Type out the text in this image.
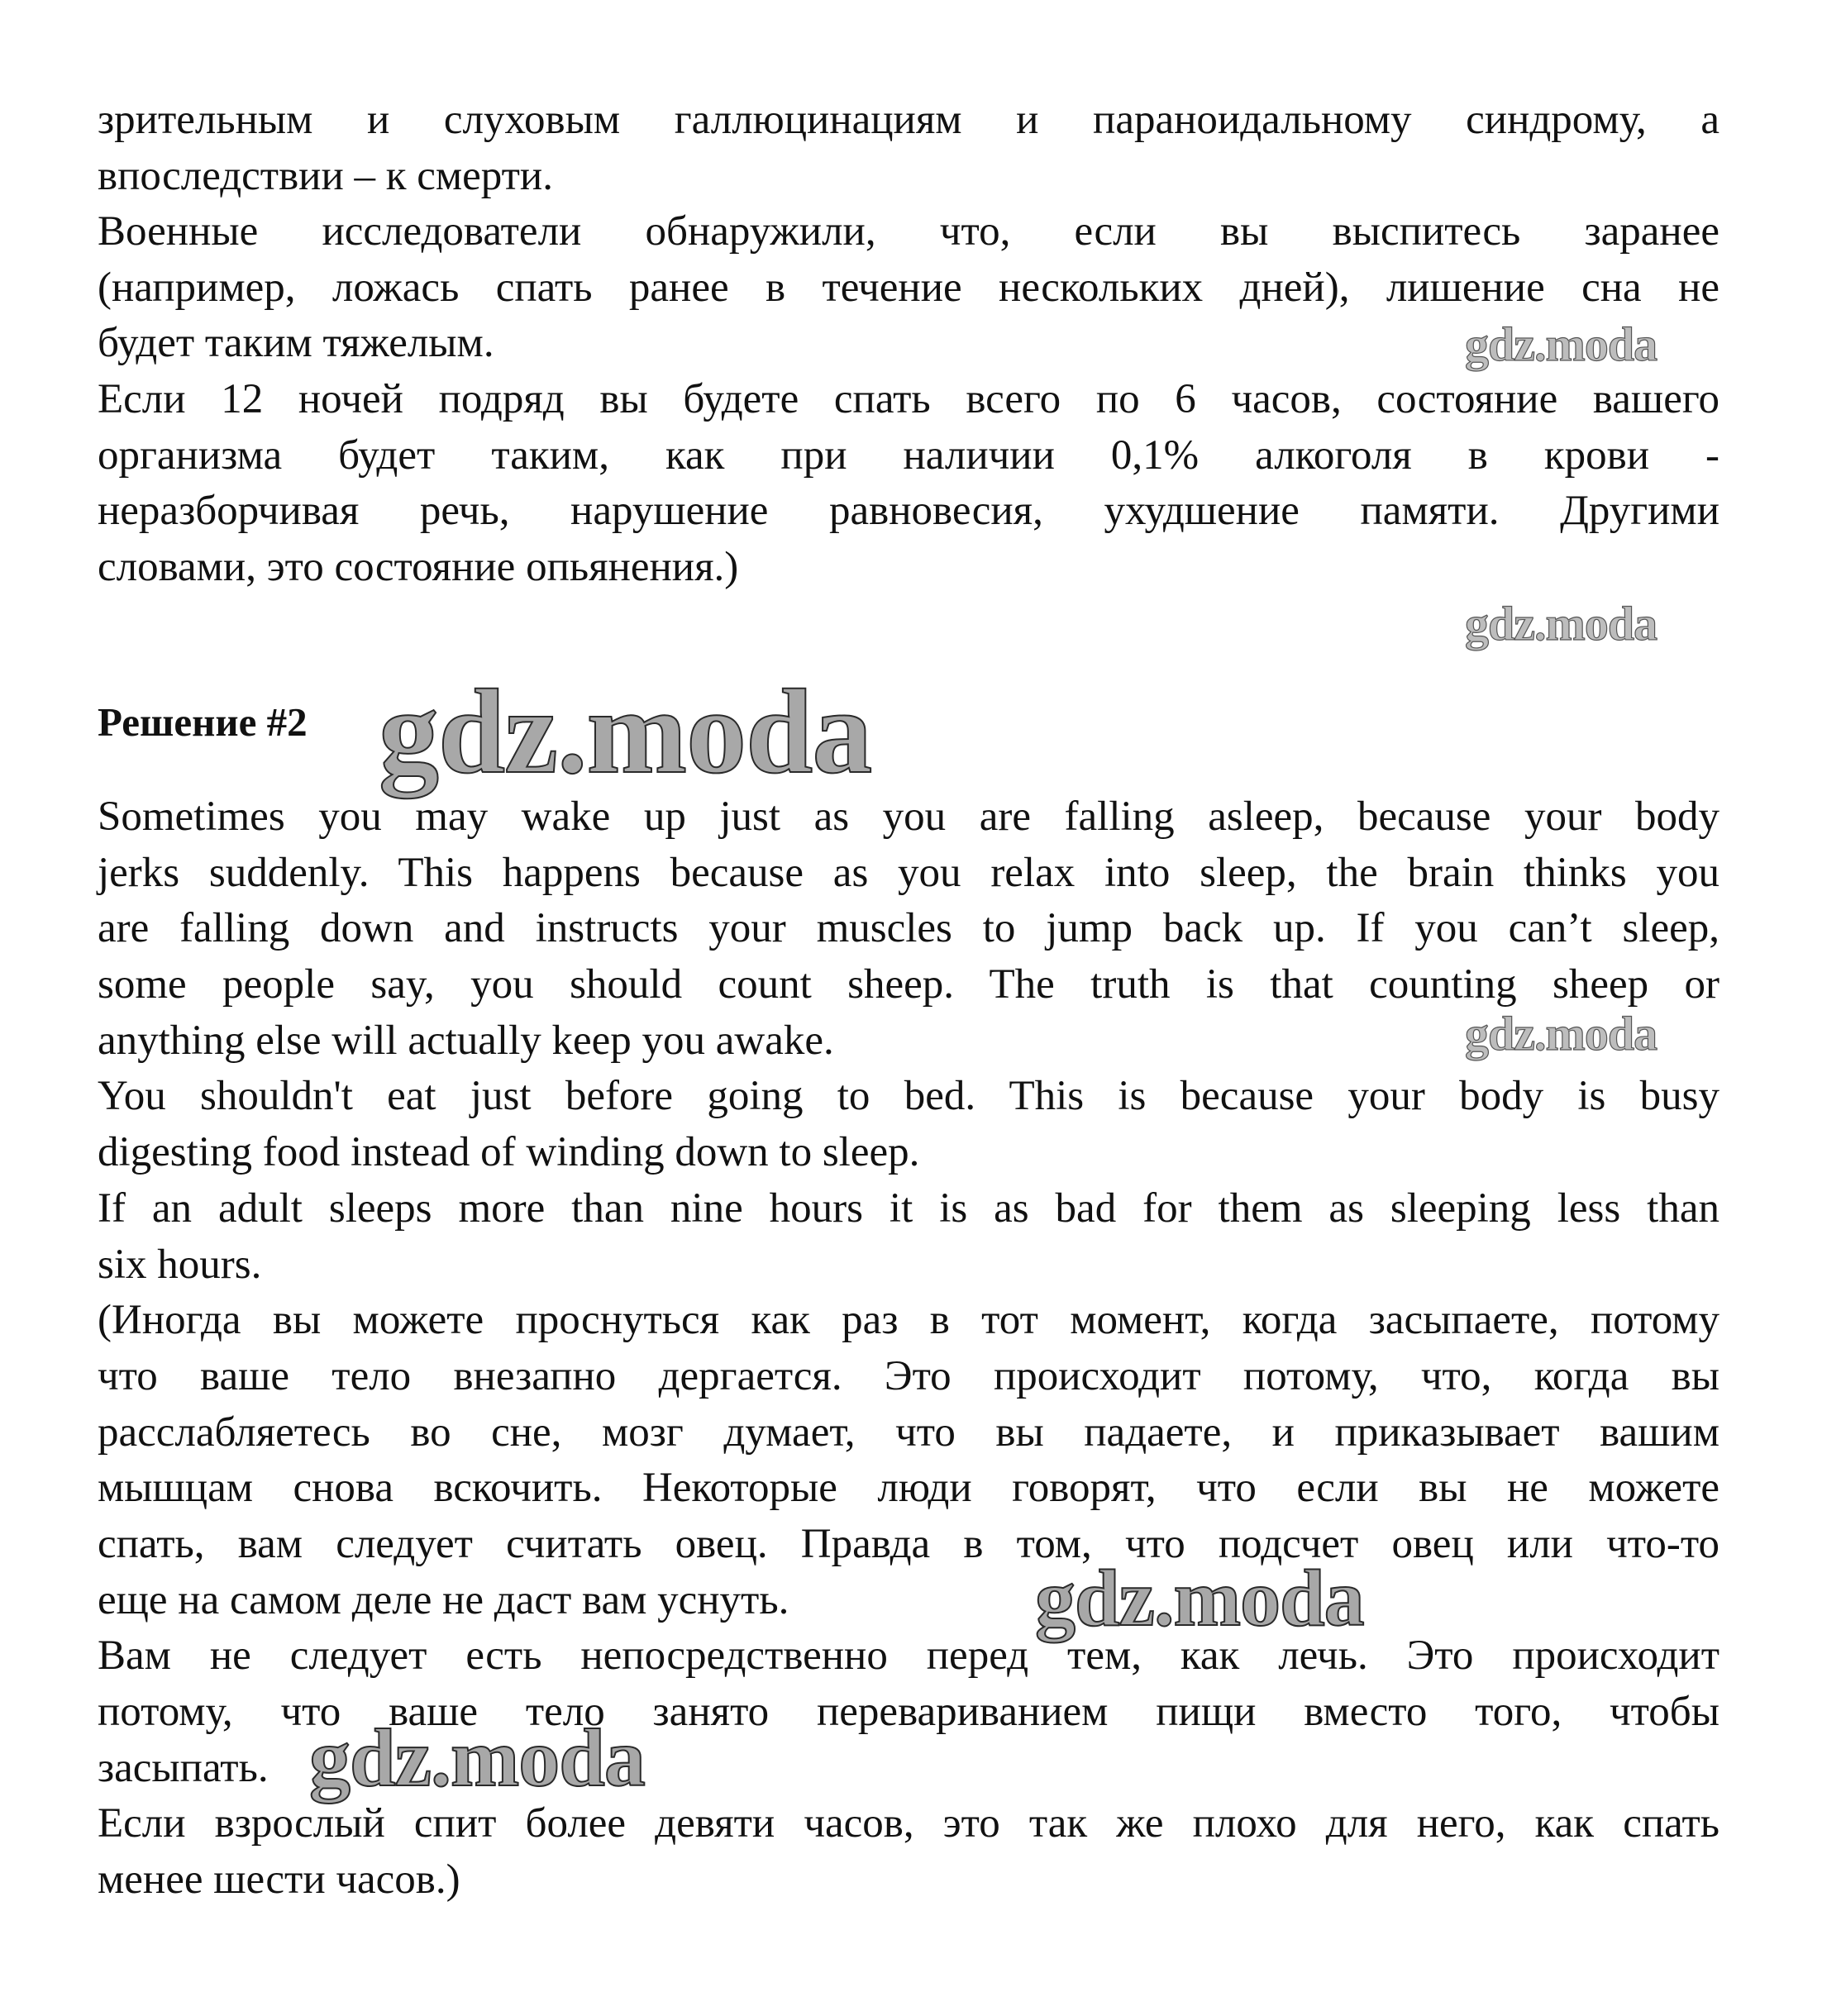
зрительным и слуховым галлюцинациям и параноидальному синдрому, а
впоследствии – к смерти.
Военные исследователи обнаружили, что, если вы выспитесь заранее
(например, ложась спать ранее в течение нескольких дней), лишение сна не
будет таким тяжелым.
Если 12 ночей подряд вы будете спать всего по 6 часов, состояние вашего
организма будет таким, как при наличии 0,1% алкоголя в крови -
неразборчивая речь, нарушение равновесия, ухудшение памяти. Другими
словами, это состояние опьянения.)
Решение #2
Sometimes you may wake up just as you are falling asleep, because your body
jerks suddenly. This happens because as you relax into sleep, the brain thinks you
are falling down and instructs your muscles to jump back up. If you can’t sleep,
some people say, you should count sheep. The truth is that counting sheep or
anything else will actually keep you awake.
You shouldn't eat just before going to bed. This is because your body is busy
digesting food instead of winding down to sleep.
If an adult sleeps more than nine hours it is as bad for them as sleeping less than
six hours.
(Иногда вы можете проснуться как раз в тот момент, когда засыпаете, потому
что ваше тело внезапно дергается. Это происходит потому, что, когда вы
расслабляетесь во сне, мозг думает, что вы падаете, и приказывает вашим
мышцам снова вскочить. Некоторые люди говорят, что если вы не можете
спать, вам следует считать овец. Правда в том, что подсчет овец или что-то
еще на самом деле не даст вам уснуть.
Вам не следует есть непосредственно перед тем, как лечь. Это происходит
потому, что ваше тело занято перевариванием пищи вместо того, чтобы
засыпать.
Если взрослый спит более девяти часов, это так же плохо для него, как спать
менее шести часов.)
gdz.moda
gdz.moda
gdz.moda
gdz.moda
gdz.moda
gdz.moda
